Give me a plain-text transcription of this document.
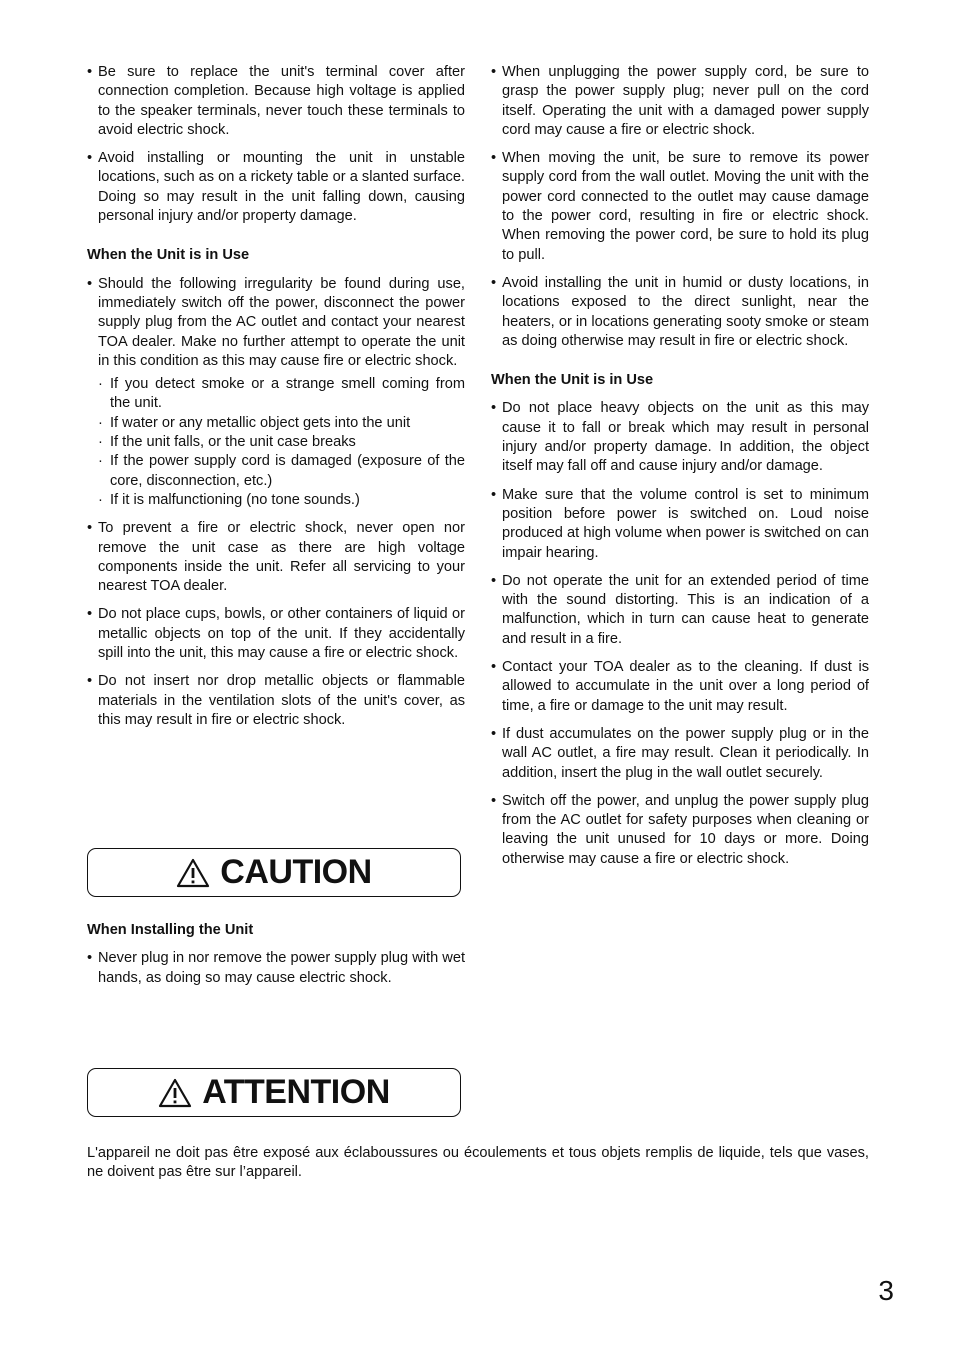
• Be sure to replace the unit's terminal cover after connection completion. Because high voltage is applied to the speaker terminals, never touch these terminals to avoid electric shock.
• Avoid installing or mounting the unit in unstable locations, such as on a rickety table or a slanted surface. Doing so may result in the unit falling down, causing personal injury and/or property damage.
When the Unit is in Use
• Should the following irregularity be found during use, immediately switch off the power, disconnect the power supply plug from the AC outlet and contact your nearest TOA dealer. Make no further attempt to operate the unit in this condition as this may cause fire or electric shock.
· If you detect smoke or a strange smell coming from the unit.
· If water or any metallic object gets into the unit
· If the unit falls, or the unit case breaks
· If the power supply cord is damaged (exposure of the core, disconnection, etc.)
· If it is malfunctioning (no tone sounds.)
• To prevent a fire or electric shock, never open nor remove the unit case as there are high voltage components inside the unit. Refer all servicing to your nearest TOA dealer.
• Do not place cups, bowls, or other containers of liquid or metallic objects on top of the unit. If they accidentally spill into the unit, this may cause a fire or electric shock.
• Do not insert nor drop metallic objects or flammable materials in the ventilation slots of the unit's cover, as this may result in fire or electric shock.
CAUTION
When Installing the Unit
• Never plug in nor remove the power supply plug with wet hands, as doing so may cause electric shock.
• When unplugging the power supply cord, be sure to grasp the power supply plug; never pull on the cord itself. Operating the unit with a damaged power supply cord may cause a fire or electric shock.
• When moving the unit, be sure to remove its power supply cord from the wall outlet. Moving the unit with the power cord connected to the outlet may cause damage to the power cord, resulting in fire or electric shock. When removing the power cord, be sure to hold its plug to pull.
• Avoid installing the unit in humid or dusty locations, in locations exposed to the direct sunlight, near the heaters, or in locations generating sooty smoke or steam as doing otherwise may result in fire or electric shock.
When the Unit is in Use
• Do not place heavy objects on the unit as this may cause it to fall or break which may result in personal injury and/or property damage. In addition, the object itself may fall off and cause injury and/or damage.
• Make sure that the volume control is set to minimum position before power is switched on. Loud noise produced at high volume when power is switched on can impair hearing.
• Do not operate the unit for an extended period of time with the sound distorting. This is an indication of a malfunction, which in turn can cause heat to generate and result in a fire.
• Contact your TOA dealer as to the cleaning. If dust is allowed to accumulate in the unit over a long period of time, a fire or damage to the unit may result.
• If dust accumulates on the power supply plug or in the wall AC outlet, a fire may result. Clean it periodically. In addition, insert the plug in the wall outlet securely.
• Switch off the power, and unplug the power supply plug from the AC outlet for safety purposes when cleaning or leaving the unit unused for 10 days or more. Doing otherwise may cause a fire or electric shock.
ATTENTION
L'appareil ne doit pas être exposé aux éclaboussures ou écoulements et tous objets remplis de liquide, tels que vases, ne doivent pas être sur l’appareil.
3
